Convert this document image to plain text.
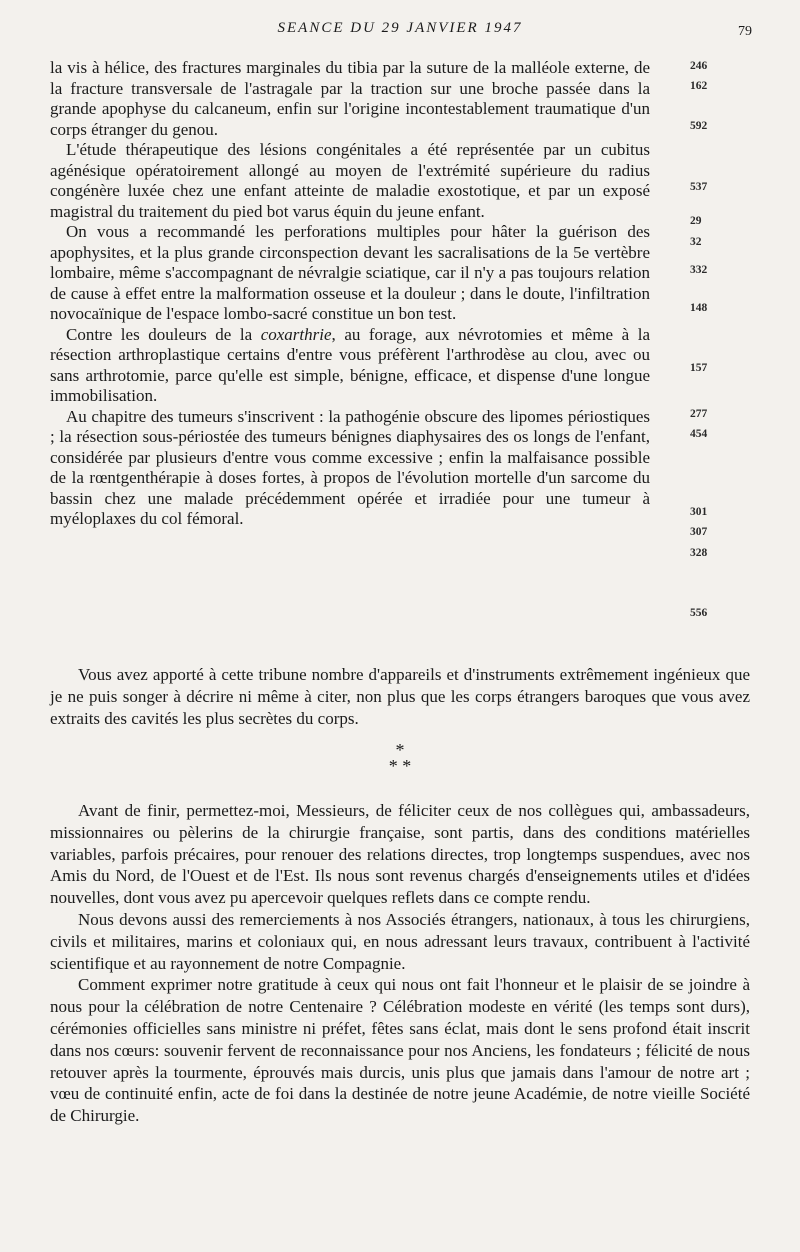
SEANCE DU 29 JANVIER 1947	79

la vis à hélice, des fractures marginales du tibia par la suture de la malléole externe, de la fracture transversale de l'astragale par la traction sur une broche passée dans la grande apophyse du calcaneum, enfin sur l'origine incontestablement traumatique d'un corps étranger du genou.

L'étude thérapeutique des lésions congénitales a été représentée par un cubitus agénésique opératoirement allongé au moyen de l'extrémité supérieure du radius congénère luxée chez une enfant atteinte de maladie exostotique, et par un exposé magistral du traitement du pied bot varus équin du jeune enfant.

On vous a recommandé les perforations multiples pour hâter la guérison des apophysites, et la plus grande circonspection devant les sacralisations de la 5e vertèbre lombaire, même s'accompagnant de névralgie sciatique, car il n'y a pas toujours relation de cause à effet entre la malformation osseuse et la douleur ; dans le doute, l'infiltration novocaïnique de l'espace lombo-sacré constitue un bon test.

Contre les douleurs de la coxarthrie, au forage, aux névrotomies et même à la résection arthroplastique certains d'entre vous préfèrent l'arthrodèse au clou, avec ou sans arthrotomie, parce qu'elle est simple, bénigne, efficace, et dispense d'une longue immobilisation.

Au chapitre des tumeurs s'inscrivent : la pathogénie obscure des lipomes périostiques ; la résection sous-périostée des tumeurs bénignes diaphysaires des os longs de l'enfant, considérée par plusieurs d'entre vous comme excessive ; enfin la malfaisance possible de la rœntgenthérapie à doses fortes, à propos de l'évolution mortelle d'un sarcome du bassin chez une malade précédemment opérée et irradiée pour une tumeur à myéloplaxes du col fémoral.

246
162
592
537
29
32
332
148
157
277
454
301
307
328
556

Vous avez apporté à cette tribune nombre d'appareils et d'instruments extrêmement ingénieux que je ne puis songer à décrire ni même à citer, non plus que les corps étrangers baroques que vous avez extraits des cavités les plus secrètes du corps.

*
* *

Avant de finir, permettez-moi, Messieurs, de féliciter ceux de nos collègues qui, ambassadeurs, missionnaires ou pèlerins de la chirurgie française, sont partis, dans des conditions matérielles variables, parfois précaires, pour renouer des relations directes, trop longtemps suspendues, avec nos Amis du Nord, de l'Ouest et de l'Est. Ils nous sont revenus chargés d'enseignements utiles et d'idées nouvelles, dont vous avez pu apercevoir quelques reflets dans ce compte rendu.

Nous devons aussi des remerciements à nos Associés étrangers, nationaux, à tous les chirurgiens, civils et militaires, marins et coloniaux qui, en nous adressant leurs travaux, contribuent à l'activité scientifique et au rayonnement de notre Compagnie.

Comment exprimer notre gratitude à ceux qui nous ont fait l'honneur et le plaisir de se joindre à nous pour la célébration de notre Centenaire ? Célébration modeste en vérité (les temps sont durs), cérémonies officielles sans ministre ni préfet, fêtes sans éclat, mais dont le sens profond était inscrit dans nos cœurs: souvenir fervent de reconnaissance pour nos Anciens, les fondateurs ; félicité de nous retouver après la tourmente, éprouvés mais durcis, unis plus que jamais dans l'amour de notre art ; vœu de continuité enfin, acte de foi dans la destinée de notre jeune Académie, de notre vieille Société de Chirurgie.
